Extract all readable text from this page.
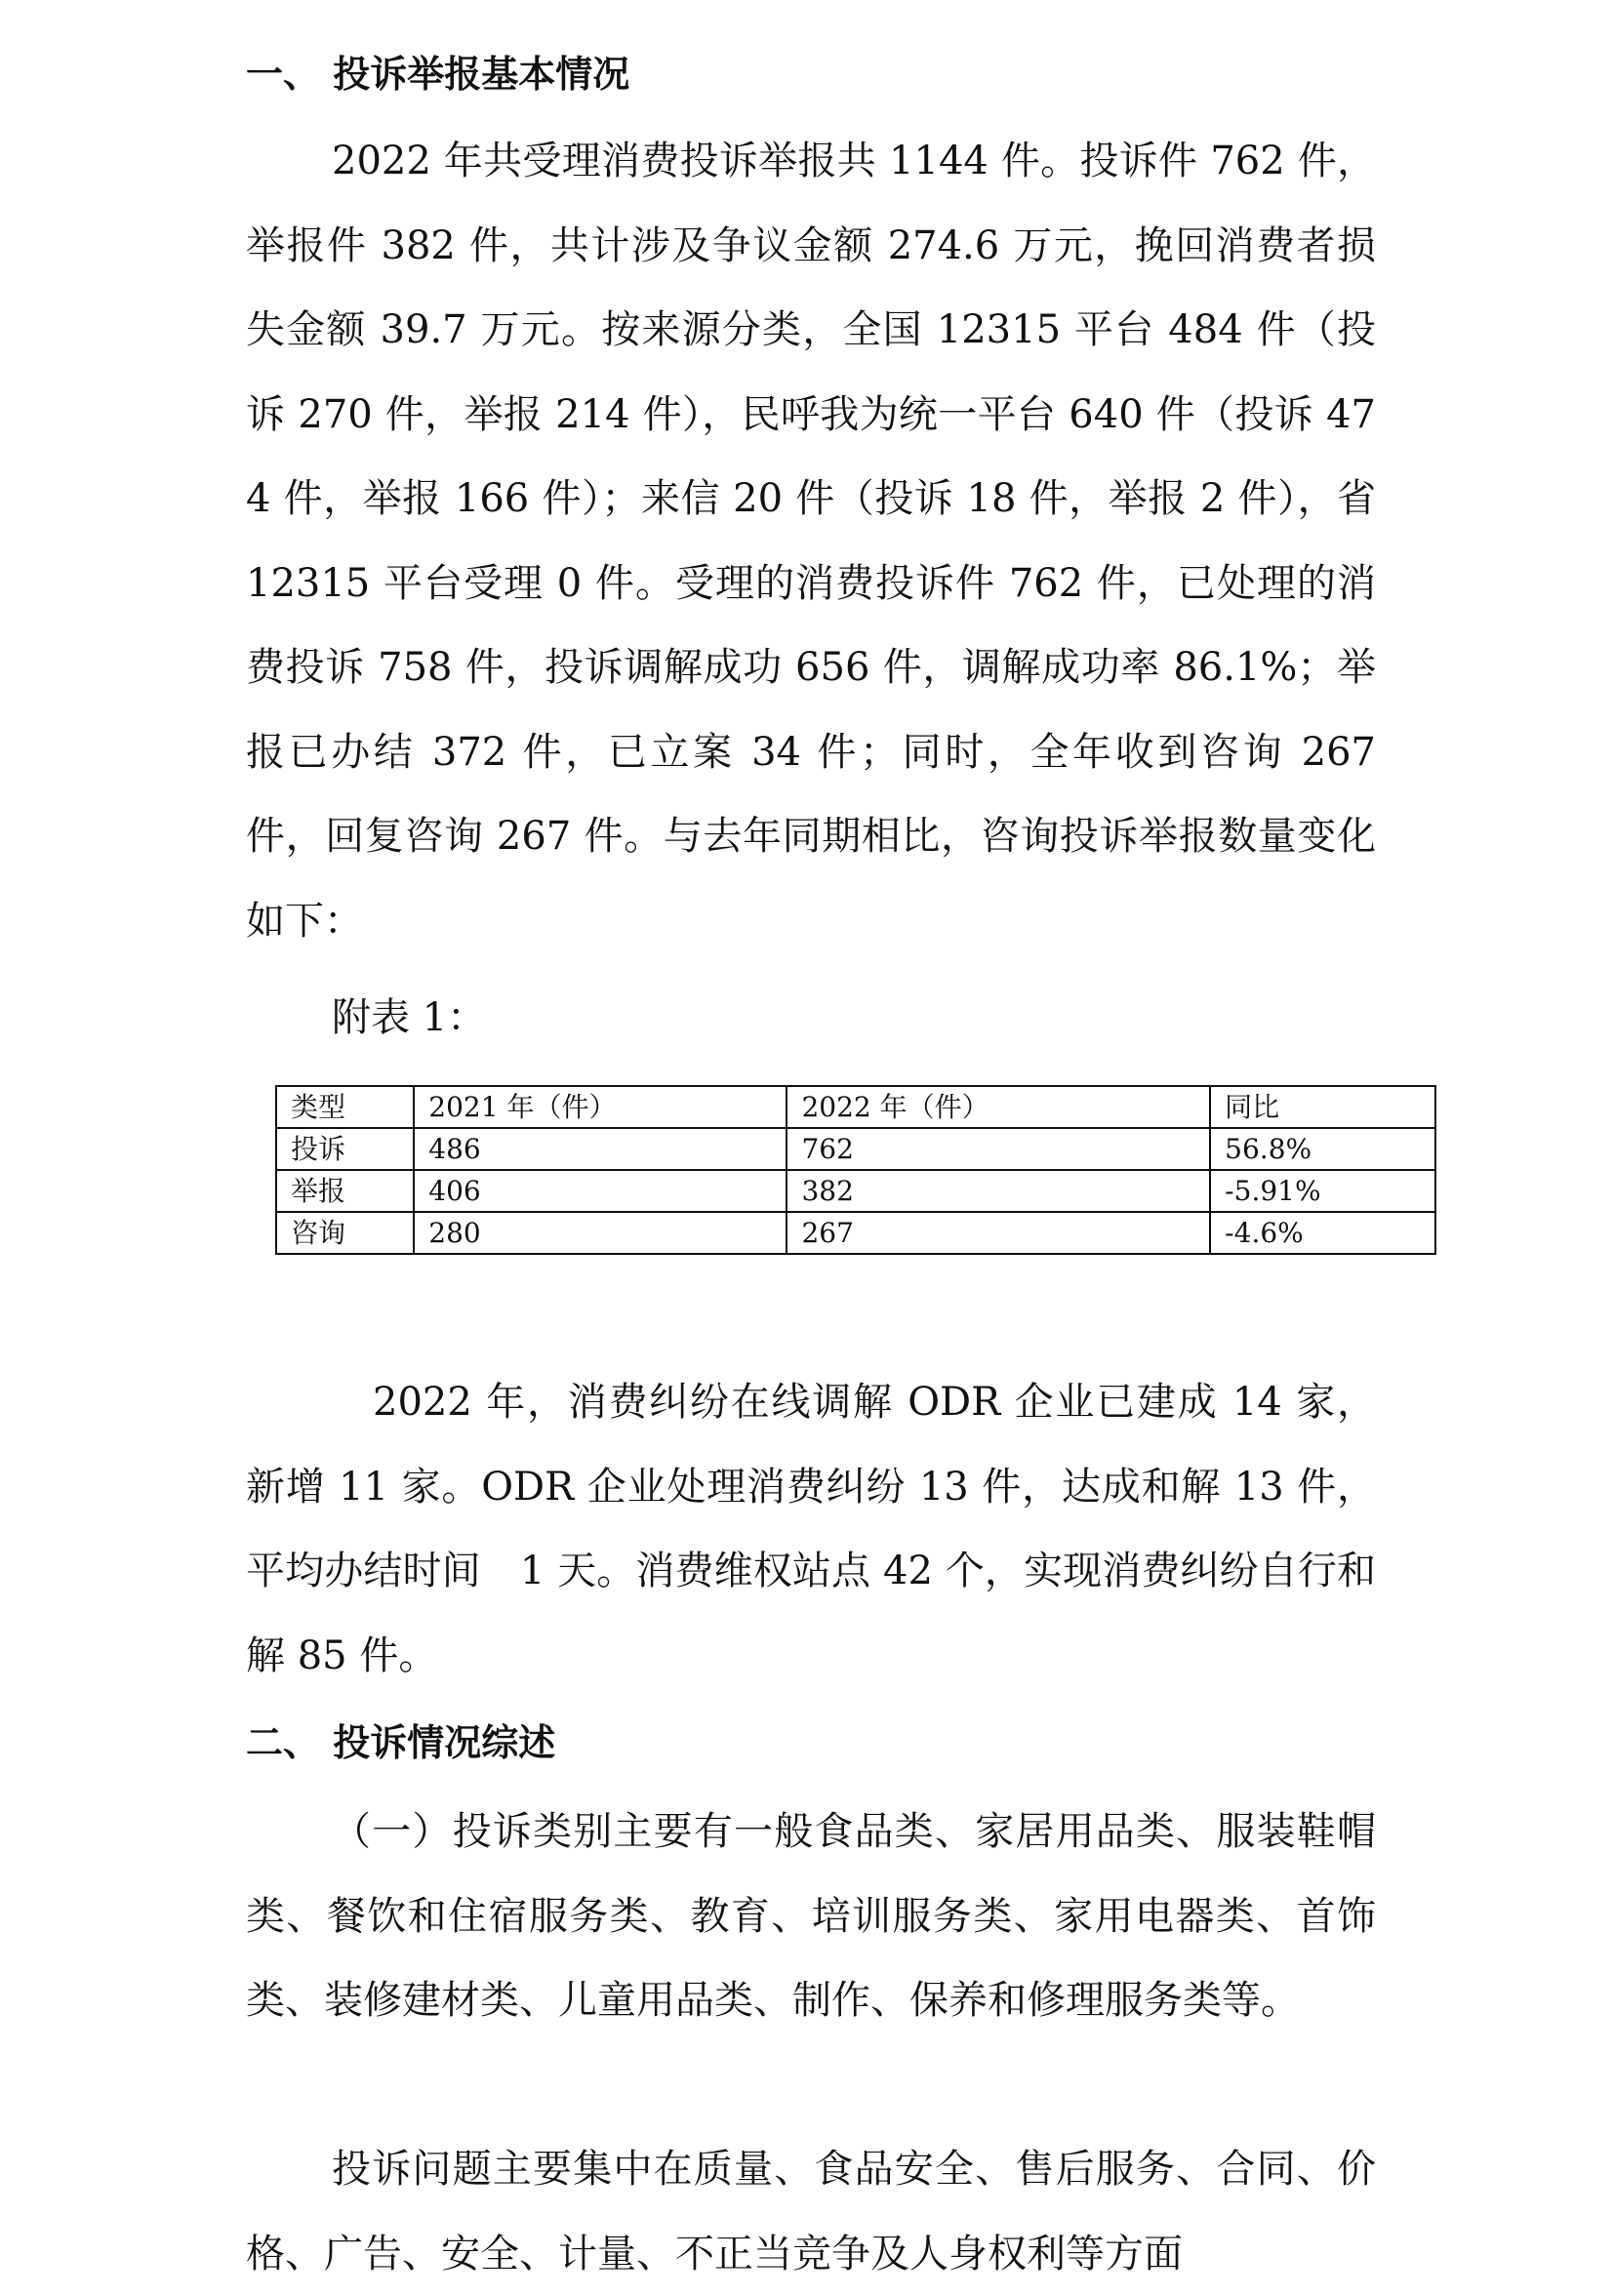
一、 投诉举报基本情况

2022 年共受理消费投诉举报共 1144 件。投诉件 762 件，举报件 382 件，共计涉及争议金额 274.6 万元，挽回消费者损失金额 39.7 万元。按来源分类，全国 12315 平台 484 件（投诉 270 件，举报 214 件），民呼我为统一平台 640 件（投诉 474 件，举报 166 件）；来信 20 件（投诉 18 件，举报 2 件），省 12315 平台受理 0 件。受理的消费投诉件 762 件，已处理的消费投诉 758 件，投诉调解成功 656 件，调解成功率 86.1%；举报已办结 372 件，已立案 34 件；同时，全年收到咨询 267 件，回复咨询 267 件。与去年同期相比，咨询投诉举报数量变化如下：

附表 1：
类型	2021 年（件）	2022 年（件）	同比
投诉	486	762	56.8%
举报	406	382	-5.91%
咨询	280	267	-4.6%

2022 年，消费纠纷在线调解 ODR 企业已建成 14 家，新增 11 家。ODR 企业处理消费纠纷 13 件，达成和解 13 件，平均办结时间　1 天。消费维权站点 42 个，实现消费纠纷自行和解 85 件。

二、 投诉情况综述

（一）投诉类别主要有一般食品类、家居用品类、服装鞋帽类、餐饮和住宿服务类、教育、培训服务类、家用电器类、首饰类、装修建材类、儿童用品类、制作、保养和修理服务类等。

投诉问题主要集中在质量、食品安全、售后服务、合同、价格、广告、安全、计量、不正当竞争及人身权利等方面
